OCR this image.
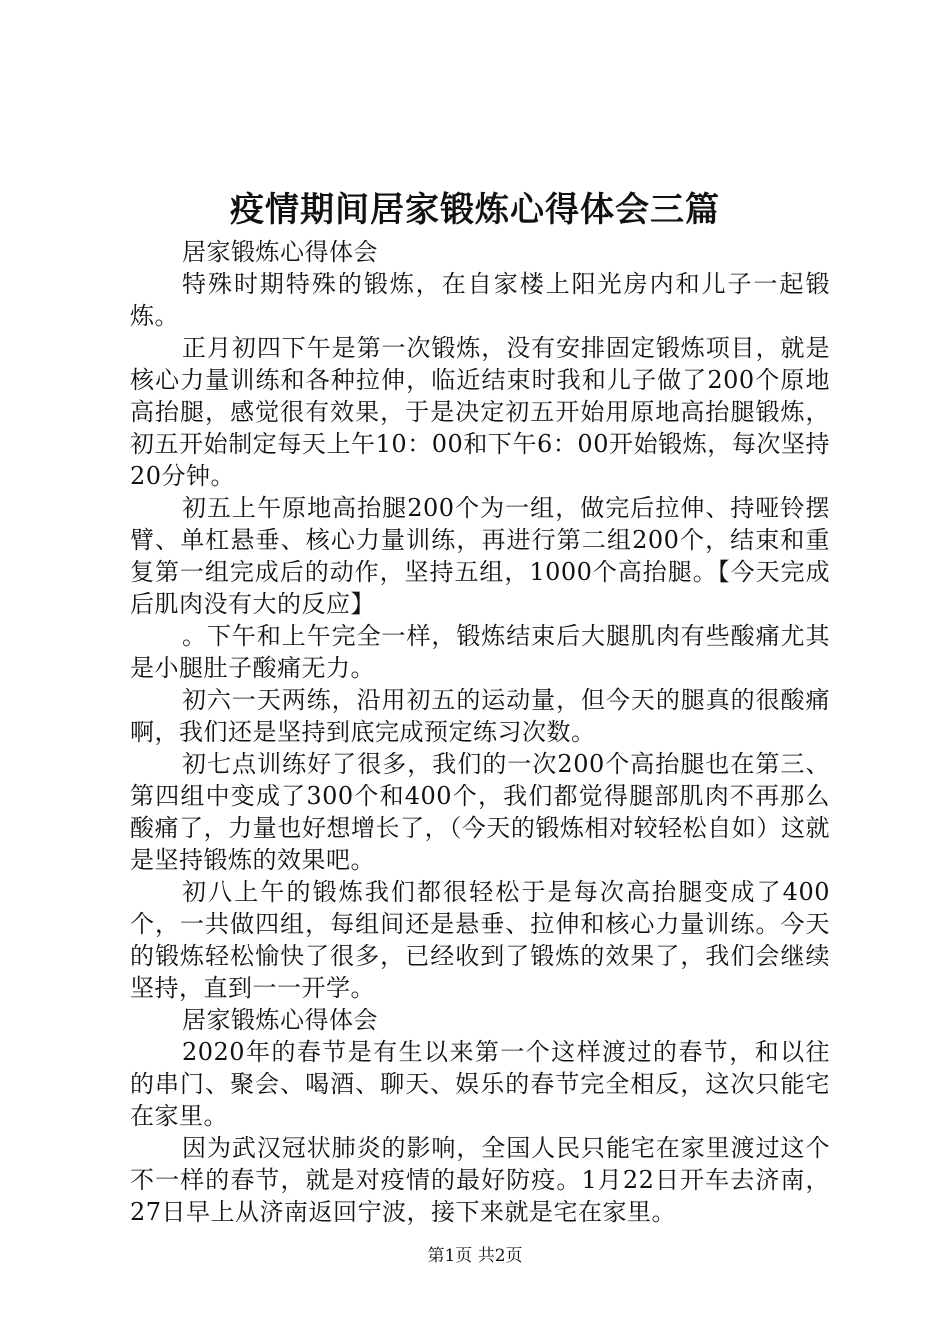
疫情期间居家锻炼心得体会三篇

居家锻炼心得体会

特殊时期特殊的锻炼，在自家楼上阳光房内和儿子一起锻炼。

正月初四下午是第一次锻炼，没有安排固定锻炼项目，就是核心力量训练和各种拉伸，临近结束时我和儿子做了200个原地高抬腿，感觉很有效果，于是决定初五开始用原地高抬腿锻炼，初五开始制定每天上午10：00和下午6：00开始锻炼，每次坚持20分钟。

初五上午原地高抬腿200个为一组，做完后拉伸、持哑铃摆臂、单杠悬垂、核心力量训练，再进行第二组200个，结束和重复第一组完成后的动作，坚持五组，1000个高抬腿。【今天完成后肌肉没有大的反应】

。下午和上午完全一样，锻炼结束后大腿肌肉有些酸痛尤其是小腿肚子酸痛无力。

初六一天两练，沿用初五的运动量，但今天的腿真的很酸痛啊，我们还是坚持到底完成预定练习次数。

初七点训练好了很多，我们的一次200个高抬腿也在第三、第四组中变成了300个和400个，我们都觉得腿部肌肉不再那么酸痛了，力量也好想增长了，（今天的锻炼相对较轻松自如）这就是坚持锻炼的效果吧。

初八上午的锻炼我们都很轻松于是每次高抬腿变成了400个，一共做四组，每组间还是悬垂、拉伸和核心力量训练。今天的锻炼轻松愉快了很多，已经收到了锻炼的效果了，我们会继续坚持，直到一一开学。

居家锻炼心得体会

2020年的春节是有生以来第一个这样渡过的春节，和以往的串门、聚会、喝酒、聊天、娱乐的春节完全相反，这次只能宅在家里。

因为武汉冠状肺炎的影响，全国人民只能宅在家里渡过这个不一样的春节，就是对疫情的最好防疫。1月22日开车去济南，27日早上从济南返回宁波，接下来就是宅在家里。

第1页 共2页
